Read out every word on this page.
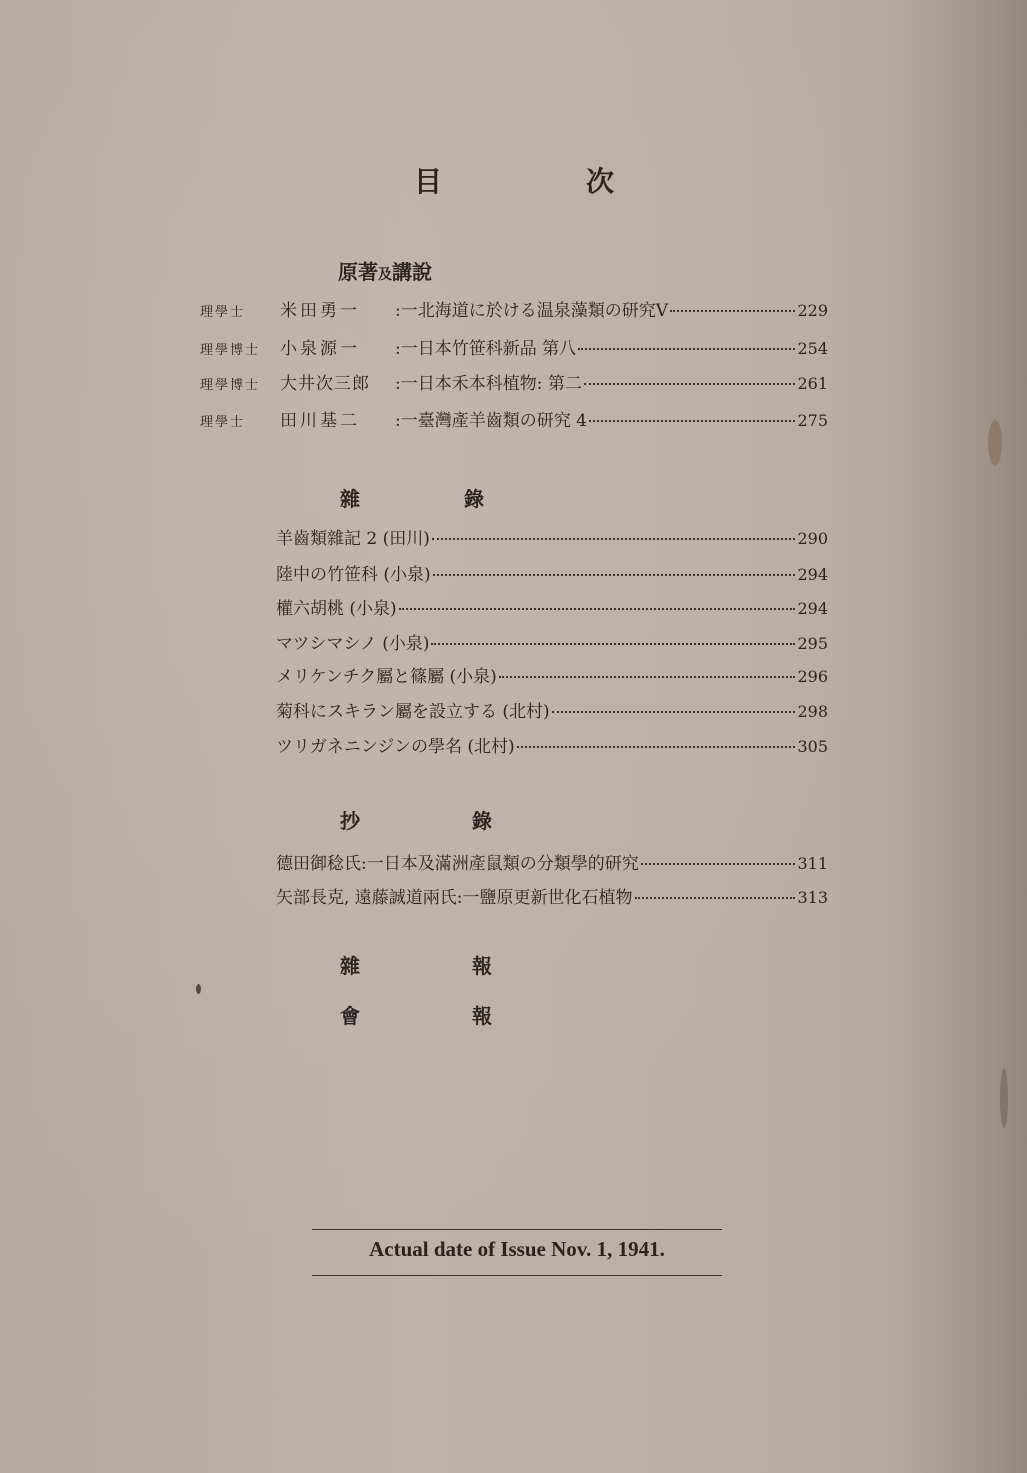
目	次
原著及講說
理學士	米田勇一	:一北海道に於ける温泉藻類の研究V	229
理學博士	小泉源一	:一日本竹笹科新品 第八	254
理學博士	大井次三郎	:一日本禾本科植物: 第二	261
理學士	田川基二	:一臺灣產羊齒類の研究 4	275
雜	錄
羊齒類雜記 2 (田川)	290
陸中の竹笹科 (小泉)	294
權六胡桃 (小泉)	294
マツシマシノ (小泉)	295
メリケンチク屬と篠屬 (小泉)	296
菊科にスキラン屬を設立する (北村)	298
ツリガネニンジンの學名 (北村)	305
抄	錄
德田御稔氏:一日本及滿洲產鼠類の分類學的研究	311
矢部長克, 遠藤誠道兩氏:一鹽原更新世化石植物	313
雜	報
會	報
Actual date of Issue Nov. 1, 1941.
